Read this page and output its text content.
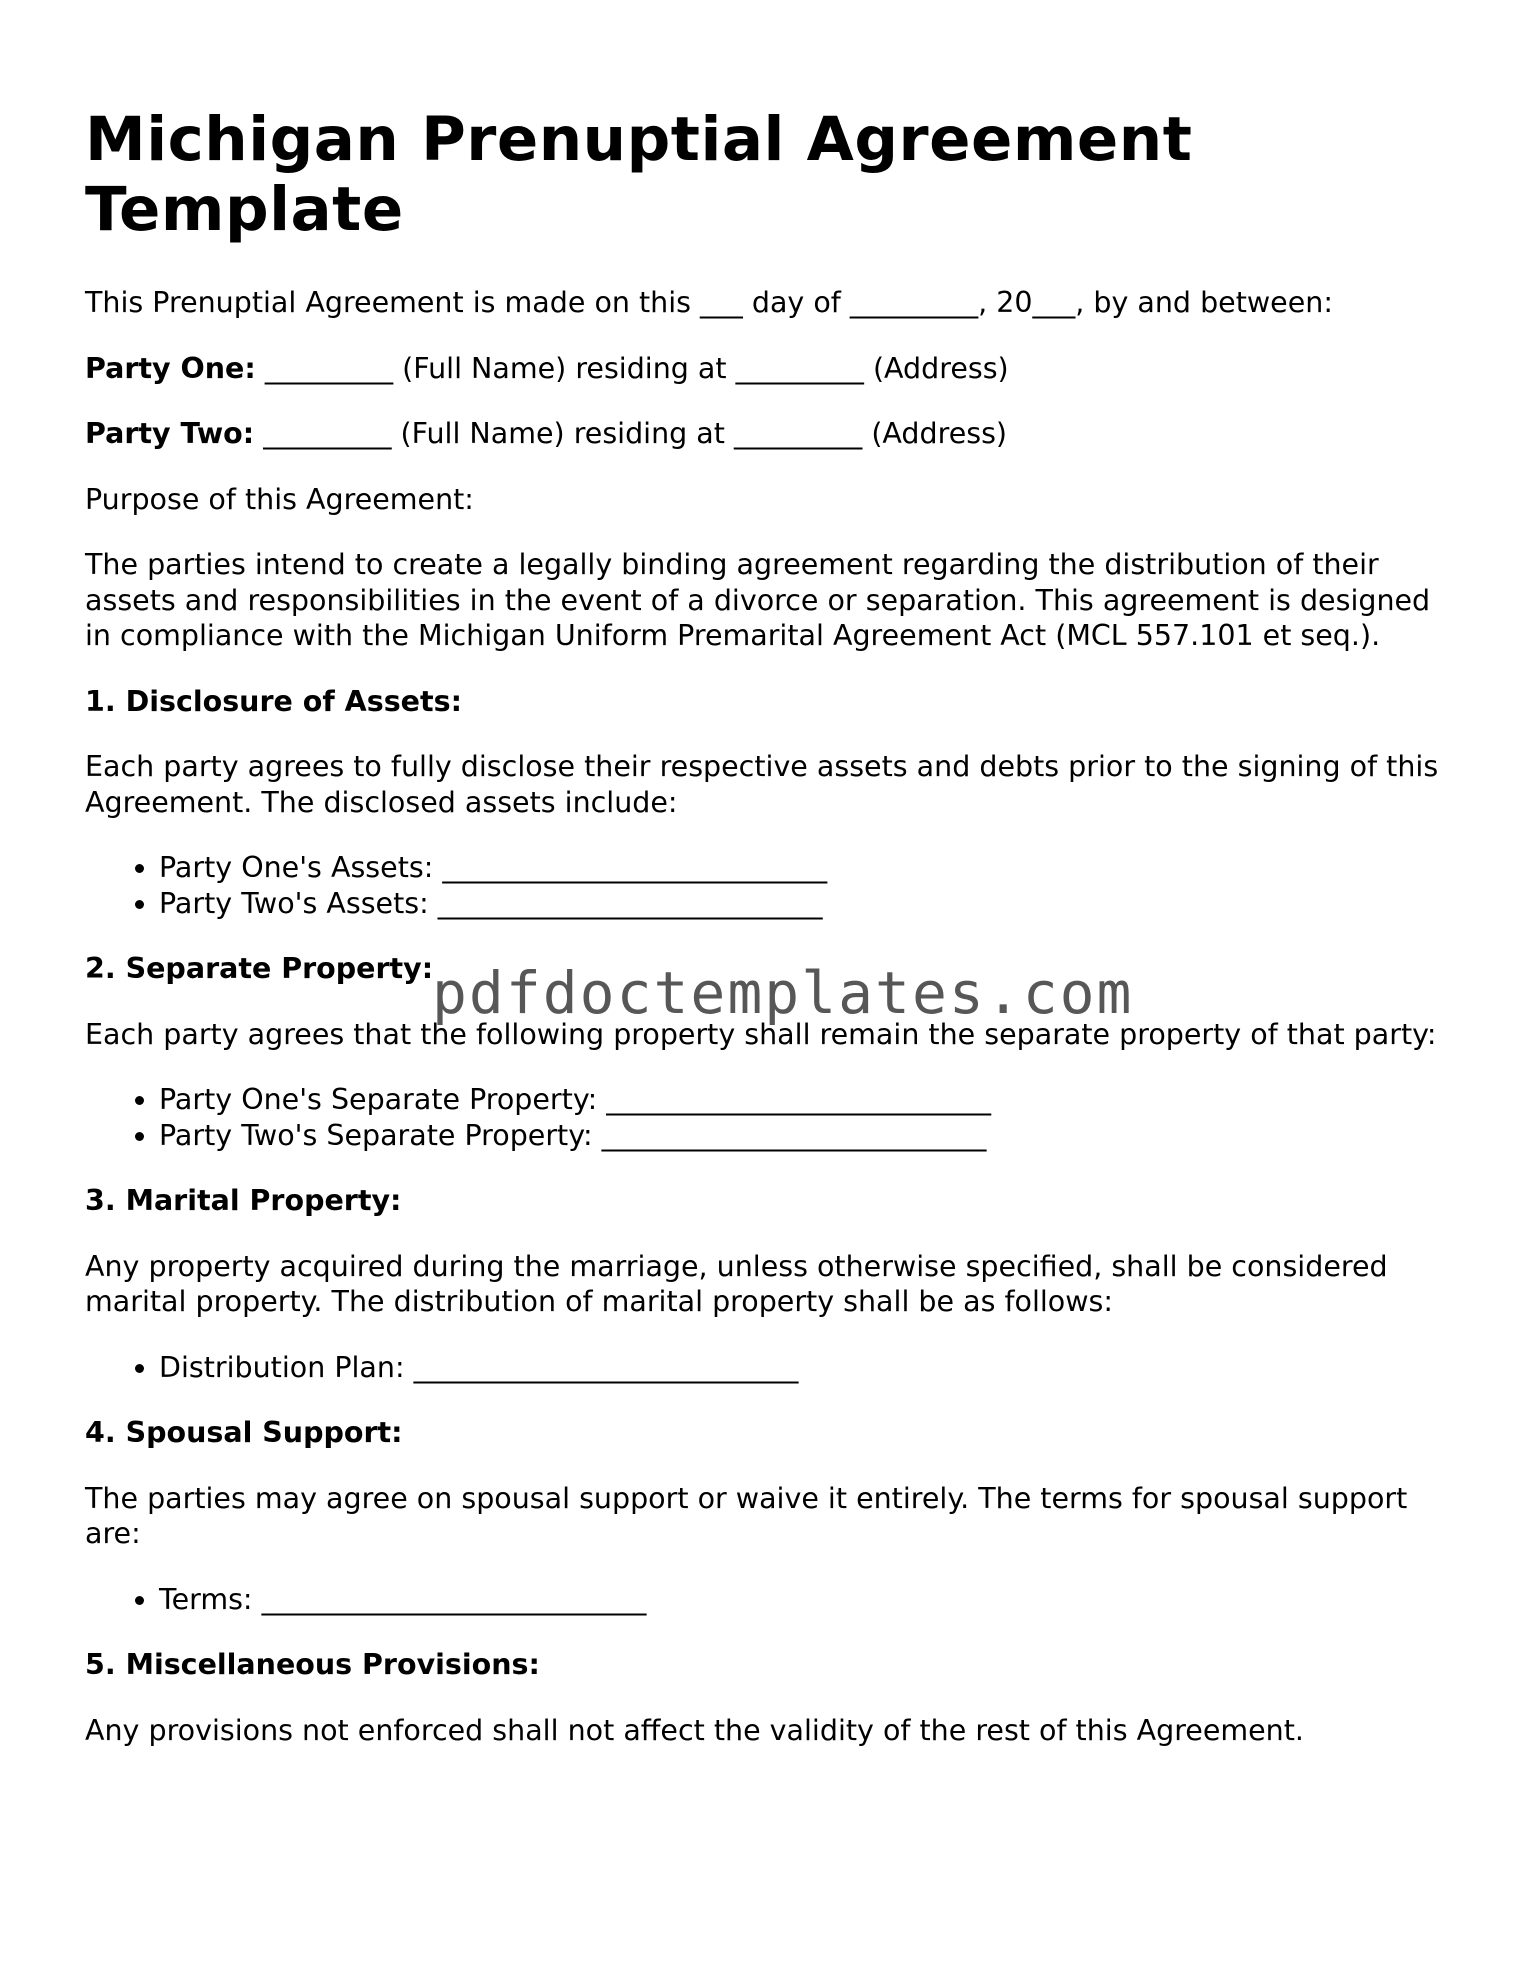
Michigan Prenuptial Agreement Template

This Prenuptial Agreement is made on this ___ day of _________, 20___, by and between:

Party One: _________ (Full Name) residing at _________ (Address)

Party Two: _________ (Full Name) residing at _________ (Address)

Purpose of this Agreement:

The parties intend to create a legally binding agreement regarding the distribution of their assets and responsibilities in the event of a divorce or separation. This agreement is designed in compliance with the Michigan Uniform Premarital Agreement Act (MCL 557.101 et seq.).

1. Disclosure of Assets:

Each party agrees to fully disclose their respective assets and debts prior to the signing of this Agreement. The disclosed assets include:

• Party One's Assets: ___________________________
• Party Two's Assets: ___________________________
2. Separate Property:

Each party agrees that the following property shall remain the separate property of that party:

• Party One's Separate Property: ___________________________
• Party Two's Separate Property: ___________________________
3. Marital Property:

Any property acquired during the marriage, unless otherwise specified, shall be considered marital property. The distribution of marital property shall be as follows:

• Distribution Plan: ___________________________
4. Spousal Support:

The parties may agree on spousal support or waive it entirely. The terms for spousal support are:

• Terms: ___________________________
5. Miscellaneous Provisions:

Any provisions not enforced shall not affect the validity of the rest of this Agreement.

pdfdoctemplates.com
